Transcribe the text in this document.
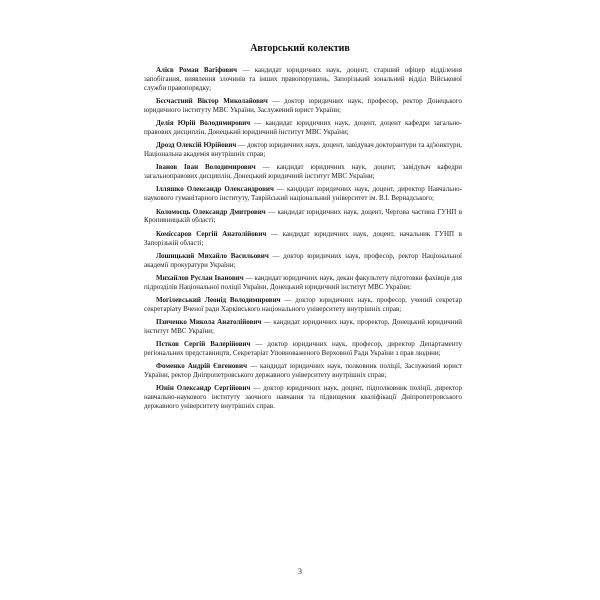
Авторський колектив

Алієв Роман Вагіфович — кандидат юридичних наук, доцент, старший офіцер відділення запобігання, виявлення злочинів та інших правопорушень, Запорізький зональний відділ Військової служби правопорядку;

Бєсчастний Віктор Миколайович — доктор юридичних наук, професор, ректор Донецького юридичного інституту МВС України, Заслужений юрист України;

Делія Юрій Володимирович — кандидат юридичних наук, доцент, доцент кафедри загально-правових дисциплін, Донецький юридичний інститут МВС України;

Дрозд Олексій Юрійович — доктор юридичних наук, доцент, завідувач докторантури та ад'юнктури, Національна академія внутрішніх справ;

Іванов Іван Володимирович — кандидат юридичних наук, доцент, завідувач кафедри загальноправових дисциплін, Донецький юридичний інститут МВС України;

Ілляшко Олександр Олександрович — кандидат юридичних наук, доцент, директор Навчально-наукового гуманітарного інституту, Таврійський національний університет ім. В.І. Вернадського;

Коломоєць Олександр Дмитрович — кандидат юридичних наук, доцент, Черговa частина ГУНП в Кропивницькій області;

Коміссаров Сергій Анатолійович — кандидат юридичних наук, доцент, начальник ГУНП в Запорізькій області;

Лошицький Михайло Васильович — доктор юридичних наук, професор, ректор Національної академії прокуратури України;

Михайлов Руслан Іванович — кандидат юридичних наук, декан факультету підготовки фахівців для підрозділів Національної поліції України, Донецький юридичний інститут МВС України;

Могілевський Леонід Володимирович — доктор юридичних наук, професор, учений секретар секретаріату Вченої ради Харківського національного університету внутрішніх справ;

Пзиченко Микола Анатолійович — кандидат юридичних наук, проректор, Донецький юридичний інститут МВС України;

Пєтков Сергій Валерійович — доктор юридичних наук, професор, директор Департаменту регіональних представництв, Секретаріат Уповноваженого Верховної Ради України з прав людини;

Фоменко Андрій Євгенович — кандидат юридичних наук, полковник поліції, Заслужений юрист України, ректор Дніпропетровського державного університету внутрішніх справ;

Юнін Олександр Сергійович — доктор юридичних наук, доцент, підполковник поліції, директор навчально-наукового інституту заочного навчання та підвищення кваліфікації Дніпропетровського державного університету внутрішніх справ.

3
